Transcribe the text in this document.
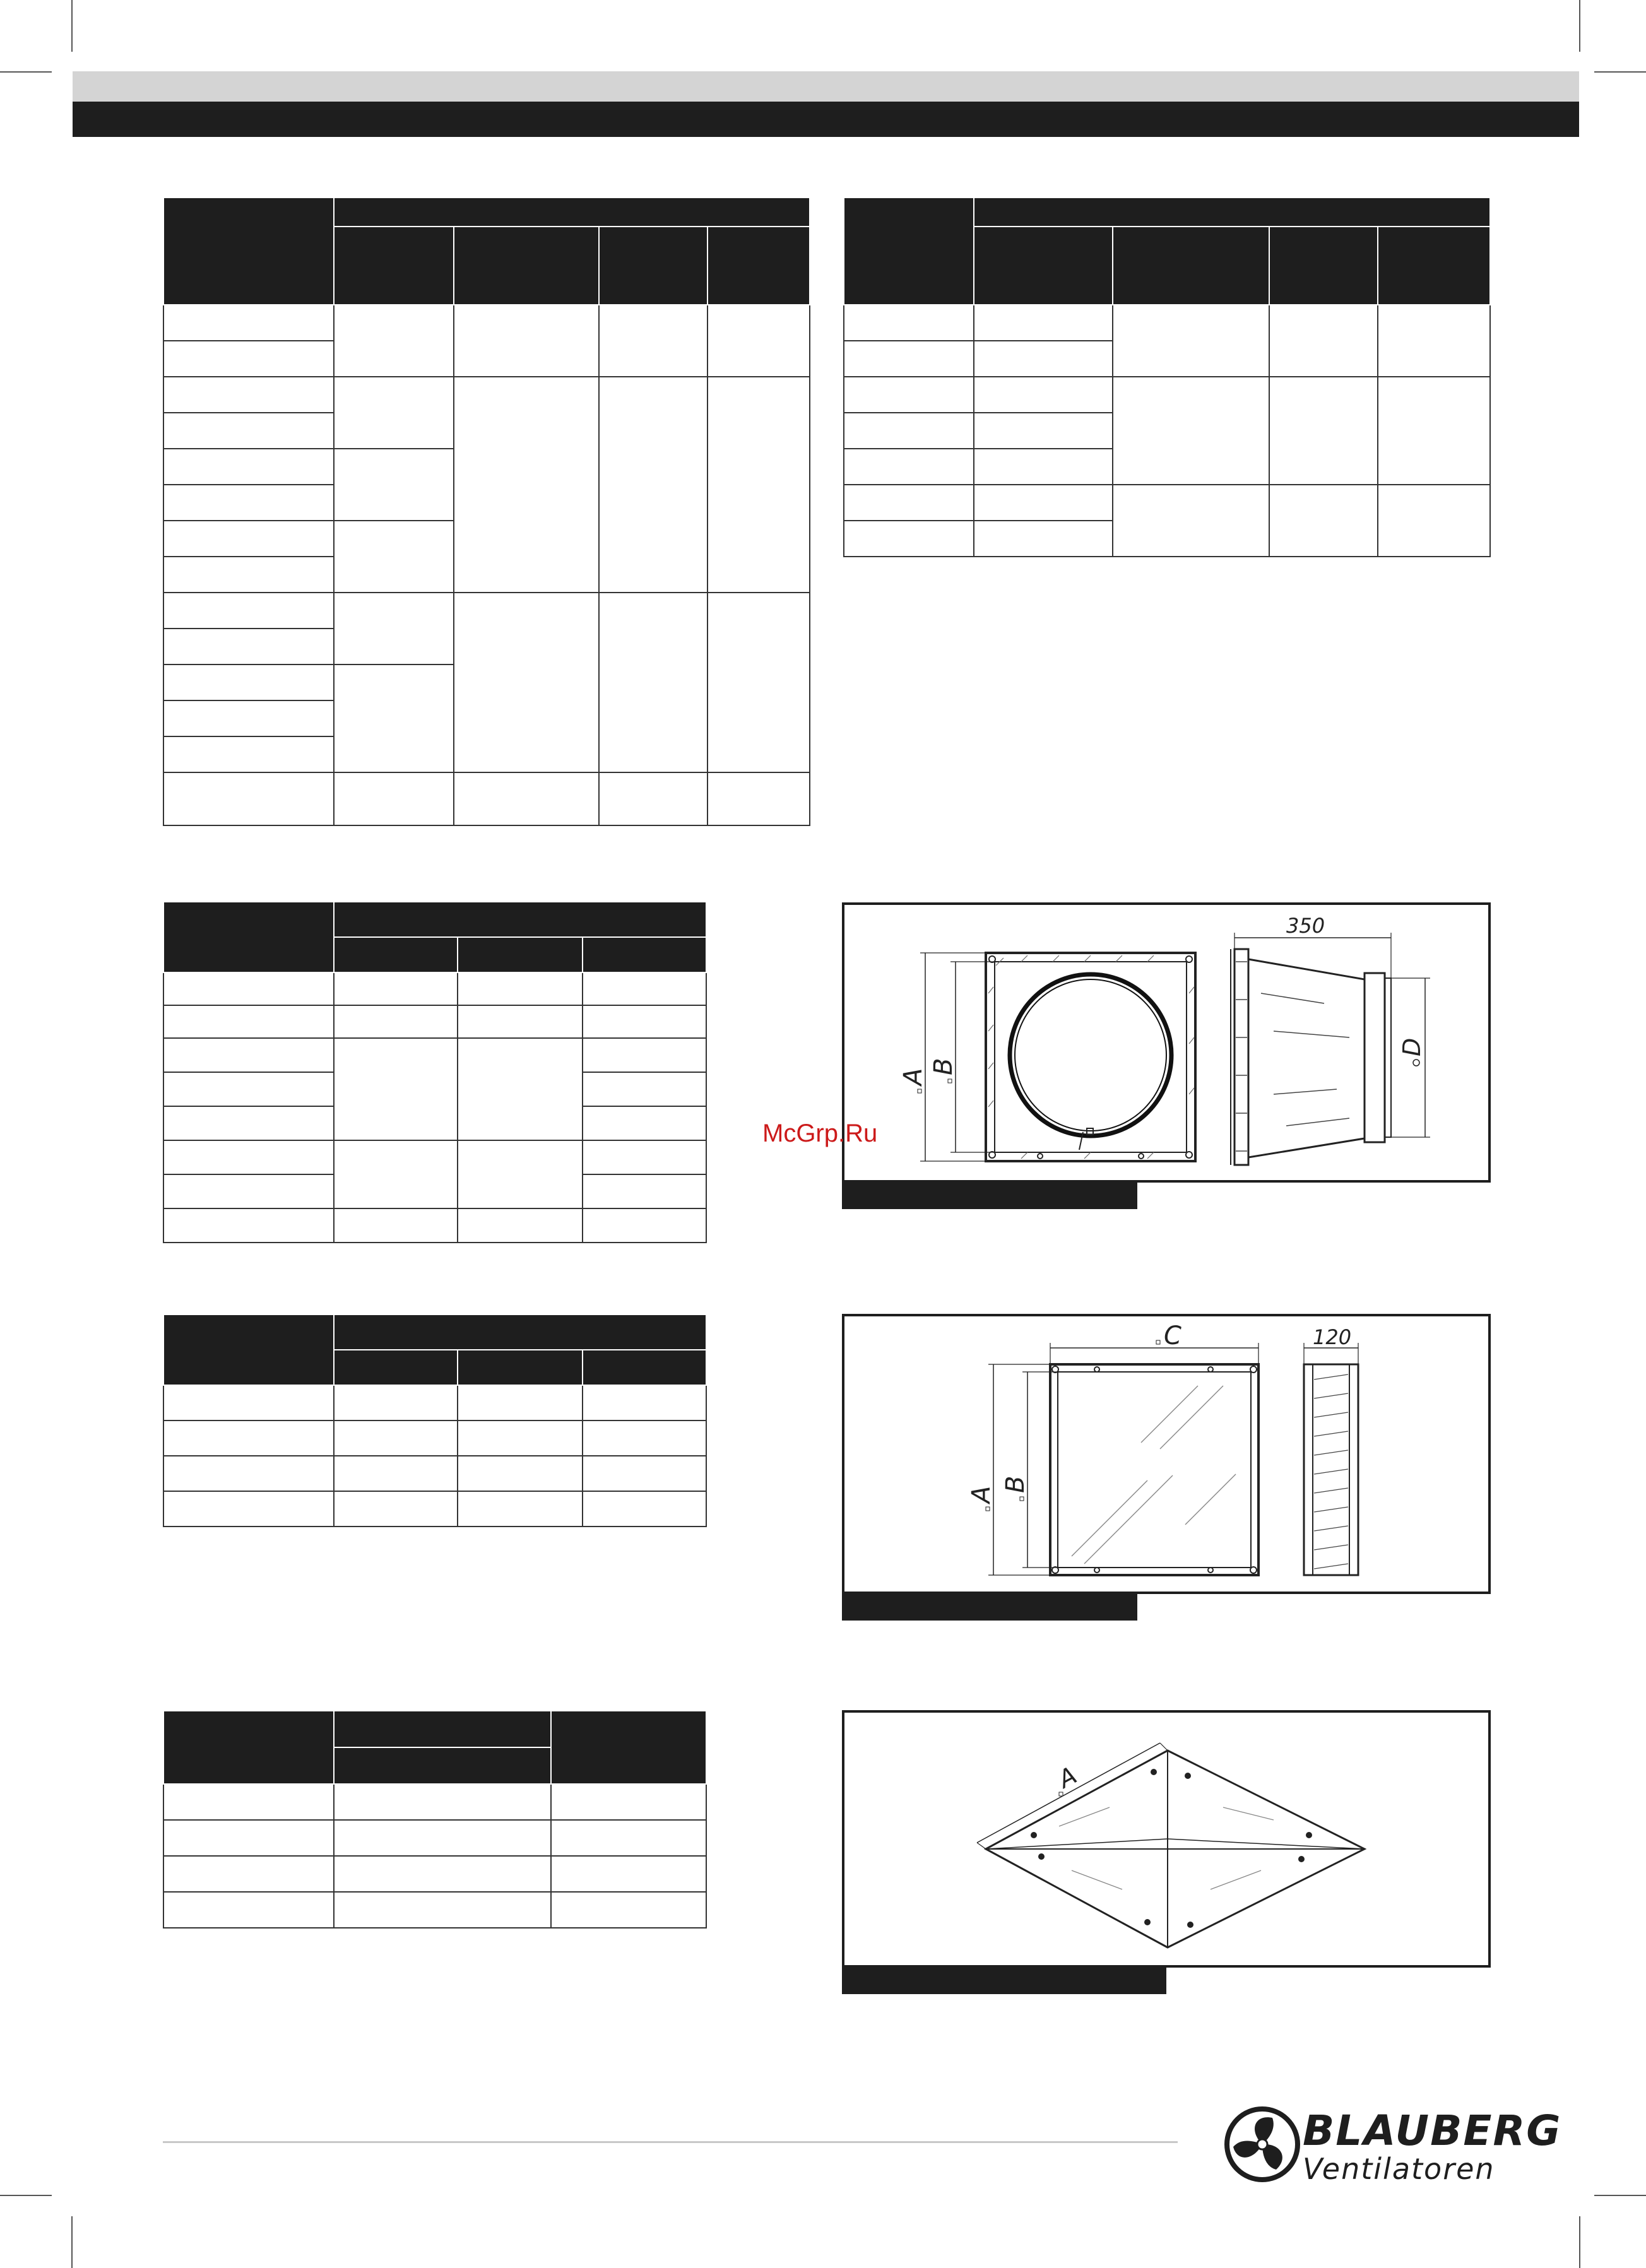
A
B
350
D
C
A
B
120
A
McGrp.Ru
BLAUBERG
Ventilatoren
